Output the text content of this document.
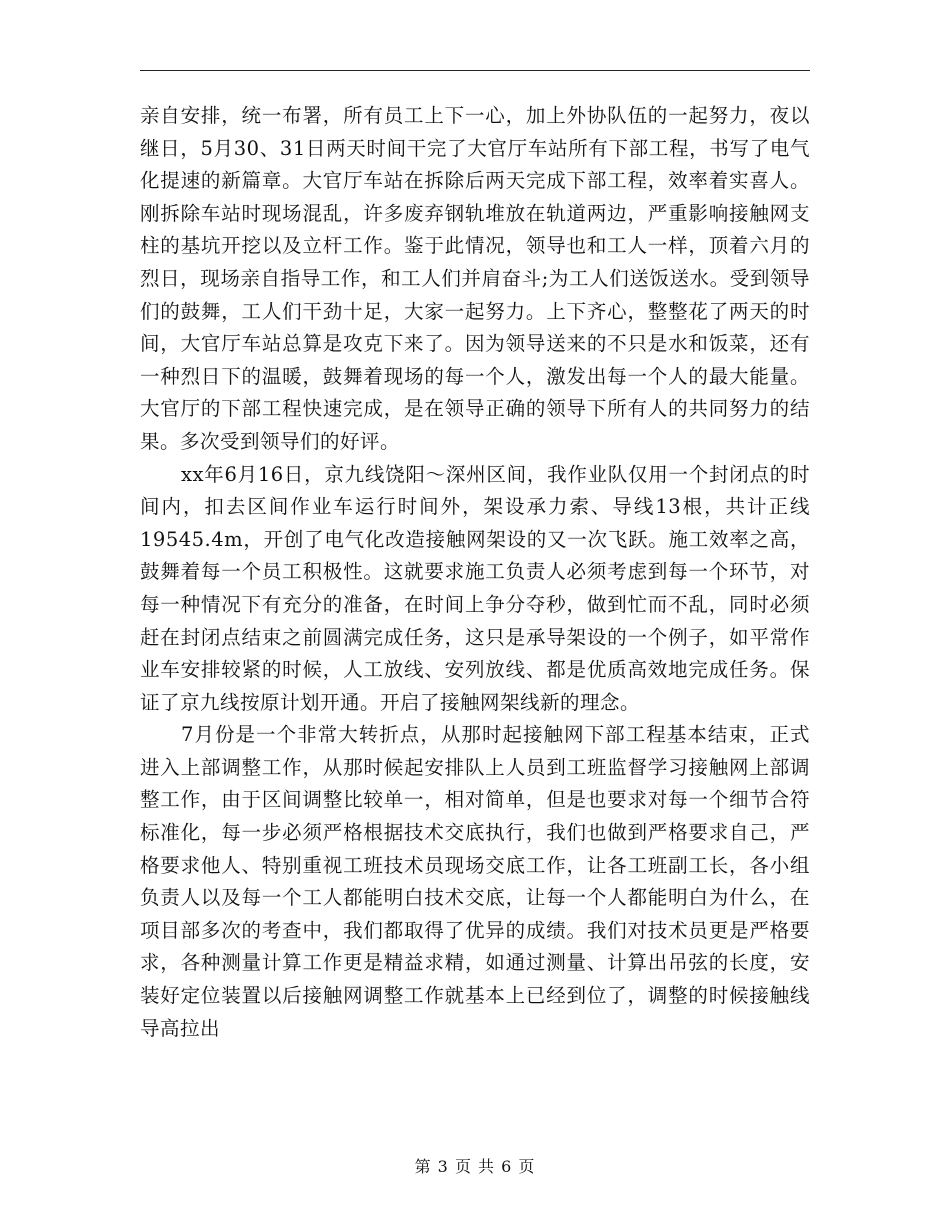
亲自安排，统一布署，所有员工上下一心，加上外协队伍的一起努力，夜以继日，5月30、31日两天时间干完了大官厅车站所有下部工程，书写了电气化提速的新篇章。大官厅车站在拆除后两天完成下部工程，效率着实喜人。刚拆除车站时现场混乱，许多废弃钢轨堆放在轨道两边，严重影响接触网支柱的基坑开挖以及立杆工作。鉴于此情况，领导也和工人一样，顶着六月的烈日，现场亲自指导工作，和工人们并肩奋斗;为工人们送饭送水。受到领导们的鼓舞，工人们干劲十足，大家一起努力。上下齐心，整整花了两天的时间，大官厅车站总算是攻克下来了。因为领导送来的不只是水和饭菜，还有一种烈日下的温暖，鼓舞着现场的每一个人，激发出每一个人的最大能量。大官厅的下部工程快速完成，是在领导正确的领导下所有人的共同努力的结果。多次受到领导们的好评。

xx年6月16日，京九线饶阳～深州区间，我作业队仅用一个封闭点的时间内，扣去区间作业车运行时间外，架设承力索、导线13根，共计正线19545.4m，开创了电气化改造接触网架设的又一次飞跃。施工效率之高，鼓舞着每一个员工积极性。这就要求施工负责人必须考虑到每一个环节，对每一种情况下有充分的准备，在时间上争分夺秒，做到忙而不乱，同时必须赶在封闭点结束之前圆满完成任务，这只是承导架设的一个例子，如平常作业车安排较紧的时候，人工放线、安列放线、都是优质高效地完成任务。保证了京九线按原计划开通。开启了接触网架线新的理念。

7月份是一个非常大转折点，从那时起接触网下部工程基本结束，正式进入上部调整工作，从那时候起安排队上人员到工班监督学习接触网上部调整工作，由于区间调整比较单一，相对简单，但是也要求对每一个细节合符标准化，每一步必须严格根据技术交底执行，我们也做到严格要求自己，严格要求他人、特别重视工班技术员现场交底工作，让各工班副工长，各小组负责人以及每一个工人都能明白技术交底，让每一个人都能明白为什么，在项目部多次的考查中，我们都取得了优异的成绩。我们对技术员更是严格要求，各种测量计算工作更是精益求精，如通过测量、计算出吊弦的长度，安装好定位装置以后接触网调整工作就基本上已经到位了，调整的时候接触线导高拉出

第 3 页 共 6 页
